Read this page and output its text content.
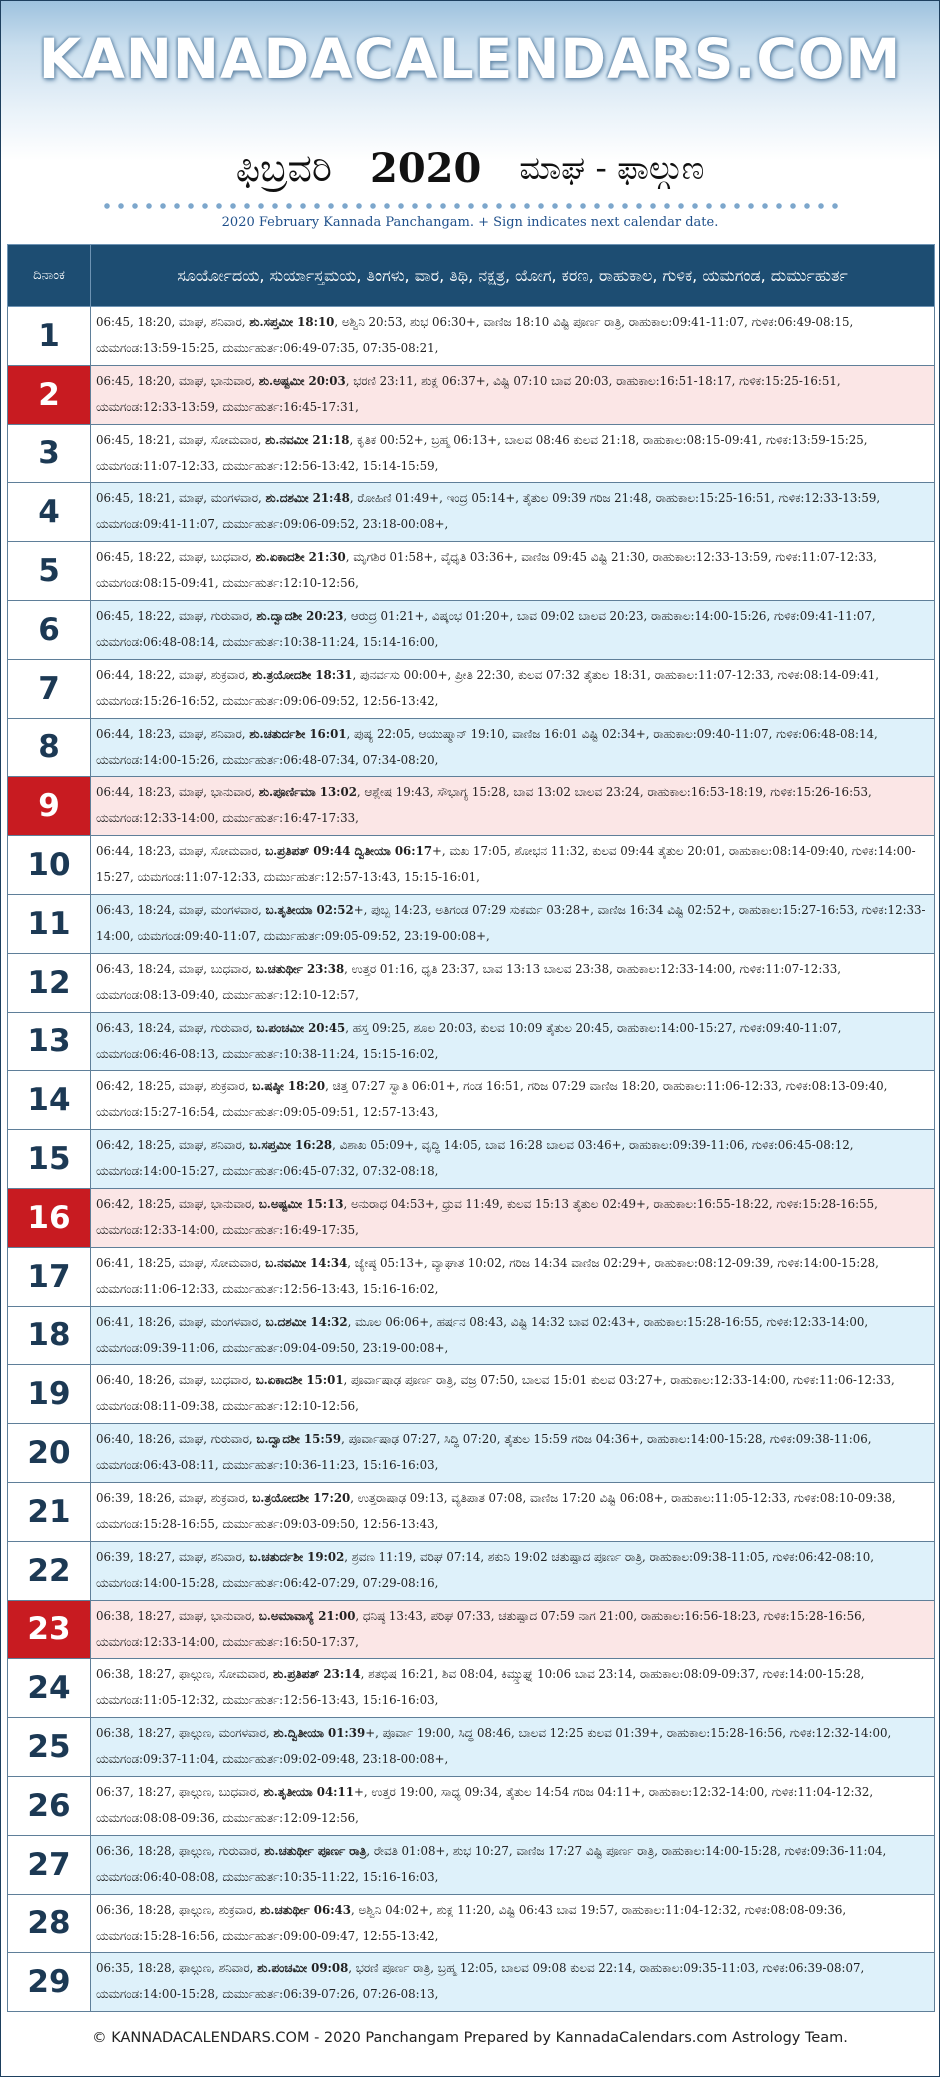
KANNADACALENDARS.COM
ಫಿಬ್ರವರಿ 2020 ಮಾಘ - ಫಾಲ್ಗುಣ
2020 February Kannada Panchangam. + Sign indicates next calendar date.
ದಿನಾಂಕ	ಸೂರ್ಯೋದಯ, ಸುರ್ಯಾಸ್ತಮಯ, ತಿಂಗಳು, ವಾರ, ತಿಥಿ, ನಕ್ಷತ್ರ, ಯೋಗ, ಕರಣ, ರಾಹುಕಾಲ, ಗುಳಿಕ, ಯಮಗಂಡ, ದುರ್ಮುಹುರ್ತ
1	06:45, 18:20, ಮಾಘ, ಶನಿವಾರ, ಶು.ಸಪ್ತಮೀ 18:10, ಅಶ್ವಿನಿ 20:53, ಶುಭ 06:30+, ವಾಣಿಜ 18:10 ವಿಷ್ಟಿ ಪೂರ್ಣ ರಾತ್ರಿ, ರಾಹುಕಾಲ:09:41-11:07, ಗುಳಿಕ:06:49-08:15, ಯಮಗಂಡ:13:59-15:25, ದುರ್ಮುಹುರ್ತ:06:49-07:35, 07:35-08:21,

2	06:45, 18:20, ಮಾಘ, ಭಾನುವಾರ, ಶು.ಅಷ್ಟಮೀ 20:03, ಭರಣಿ 23:11, ಶುಕ್ಲ 06:37+, ವಿಷ್ಟಿ 07:10 ಬಾವ 20:03, ರಾಹುಕಾಲ:16:51-18:17, ಗುಳಿಕ:15:25-16:51, ಯಮಗಂಡ:12:33-13:59, ದುರ್ಮುಹುರ್ತ:16:45-17:31,

3	06:45, 18:21, ಮಾಘ, ಸೋಮವಾರ, ಶು.ನವಮೀ 21:18, ಕೃತಿಕ 00:52+, ಬ್ರಹ್ಮ 06:13+, ಬಾಲವ 08:46 ಕುಲವ 21:18, ರಾಹುಕಾಲ:08:15-09:41, ಗುಳಿಕ:13:59-15:25, ಯಮಗಂಡ:11:07-12:33, ದುರ್ಮುಹುರ್ತ:12:56-13:42, 15:14-15:59,

4	06:45, 18:21, ಮಾಘ, ಮಂಗಳವಾರ, ಶು.ದಶಮೀ 21:48, ರೋಹಿಣಿ 01:49+, ಇಂದ್ರ 05:14+, ತೈತುಲ 09:39 ಗರಿಜ 21:48, ರಾಹುಕಾಲ:15:25-16:51, ಗುಳಿಕ:12:33-13:59, ಯಮಗಂಡ:09:41-11:07, ದುರ್ಮುಹುರ್ತ:09:06-09:52, 23:18-00:08+,

5	06:45, 18:22, ಮಾಘ, ಬುಧವಾರ, ಶು.ಏಕಾದಶೀ 21:30, ಮೃಗಶಿರ 01:58+, ವೈಧೃತಿ 03:36+, ವಾಣಿಜ 09:45 ವಿಷ್ಟಿ 21:30, ರಾಹುಕಾಲ:12:33-13:59, ಗುಳಿಕ:11:07-12:33, ಯಮಗಂಡ:08:15-09:41, ದುರ್ಮುಹುರ್ತ:12:10-12:56,

6	06:45, 18:22, ಮಾಘ, ಗುರುವಾರ, ಶು.ದ್ವಾದಶೀ 20:23, ಆರುದ್ರ 01:21+, ವಿಷ್ಕಂಭ 01:20+, ಬಾವ 09:02 ಬಾಲವ 20:23, ರಾಹುಕಾಲ:14:00-15:26, ಗುಳಿಕ:09:41-11:07, ಯಮಗಂಡ:06:48-08:14, ದುರ್ಮುಹುರ್ತ:10:38-11:24, 15:14-16:00,

7	06:44, 18:22, ಮಾಘ, ಶುಕ್ರವಾರ, ಶು.ತ್ರಯೋದಶೀ 18:31, ಪುನರ್ವಸು 00:00+, ಪ್ರೀತಿ 22:30, ಕುಲವ 07:32 ತೈತುಲ 18:31, ರಾಹುಕಾಲ:11:07-12:33, ಗುಳಿಕ:08:14-09:41, ಯಮಗಂಡ:15:26-16:52, ದುರ್ಮುಹುರ್ತ:09:06-09:52, 12:56-13:42,

8	06:44, 18:23, ಮಾಘ, ಶನಿವಾರ, ಶು.ಚತುರ್ದಶೀ 16:01, ಪುಷ್ಯ 22:05, ಆಯುಷ್ಮಾನ್ 19:10, ವಾಣಿಜ 16:01 ವಿಷ್ಟಿ 02:34+, ರಾಹುಕಾಲ:09:40-11:07, ಗುಳಿಕ:06:48-08:14, ಯಮಗಂಡ:14:00-15:26, ದುರ್ಮುಹುರ್ತ:06:48-07:34, 07:34-08:20,

9	06:44, 18:23, ಮಾಘ, ಭಾನುವಾರ, ಶು.ಪೂರ್ಣಿಮಾ 13:02, ಆಶ್ಲೇಷ 19:43, ಸೌಭಾಗ್ಯ 15:28, ಬಾವ 13:02 ಬಾಲವ 23:24, ರಾಹುಕಾಲ:16:53-18:19, ಗುಳಿಕ:15:26-16:53, ಯಮಗಂಡ:12:33-14:00, ದುರ್ಮುಹುರ್ತ:16:47-17:33,

10	06:44, 18:23, ಮಾಘ, ಸೋಮವಾರ, ಬ.ಪ್ರತಿಪತ್ 09:44 ದ್ವಿತೀಯಾ 06:17+, ಮಖ 17:05, ಶೋಭನ 11:32, ಕುಲವ 09:44 ತೈತುಲ 20:01, ರಾಹುಕಾಲ:08:14-09:40, ಗುಳಿಕ:14:00-15:27, ಯಮಗಂಡ:11:07-12:33, ದುರ್ಮುಹುರ್ತ:12:57-13:43, 15:15-16:01,

11	06:43, 18:24, ಮಾಘ, ಮಂಗಳವಾರ, ಬ.ತೃತೀಯಾ 02:52+, ಪುಬ್ಬ 14:23, ಅತಿಗಂಡ 07:29 ಸುಕರ್ಮ 03:28+, ವಾಣಿಜ 16:34 ವಿಷ್ಟಿ 02:52+, ರಾಹುಕಾಲ:15:27-16:53, ಗುಳಿಕ:12:33-14:00, ಯಮಗಂಡ:09:40-11:07, ದುರ್ಮುಹುರ್ತ:09:05-09:52, 23:19-00:08+,

12	06:43, 18:24, ಮಾಘ, ಬುಧವಾರ, ಬ.ಚತುರ್ಥೀ 23:38, ಉತ್ತರ 01:16, ಧೃತಿ 23:37, ಬಾವ 13:13 ಬಾಲವ 23:38, ರಾಹುಕಾಲ:12:33-14:00, ಗುಳಿಕ:11:07-12:33, ಯಮಗಂಡ:08:13-09:40, ದುರ್ಮುಹುರ್ತ:12:10-12:57,

13	06:43, 18:24, ಮಾಘ, ಗುರುವಾರ, ಬ.ಪಂಚಮೀ 20:45, ಹಸ್ತ 09:25, ಶೂಲ 20:03, ಕುಲವ 10:09 ತೈತುಲ 20:45, ರಾಹುಕಾಲ:14:00-15:27, ಗುಳಿಕ:09:40-11:07, ಯಮಗಂಡ:06:46-08:13, ದುರ್ಮುಹುರ್ತ:10:38-11:24, 15:15-16:02,

14	06:42, 18:25, ಮಾಘ, ಶುಕ್ರವಾರ, ಬ.ಷಷ್ಠೀ 18:20, ಚಿತ್ತ 07:27 ಸ್ವಾತಿ 06:01+, ಗಂಡ 16:51, ಗರಿಜ 07:29 ವಾಣಿಜ 18:20, ರಾಹುಕಾಲ:11:06-12:33, ಗುಳಿಕ:08:13-09:40, ಯಮಗಂಡ:15:27-16:54, ದುರ್ಮುಹುರ್ತ:09:05-09:51, 12:57-13:43,

15	06:42, 18:25, ಮಾಘ, ಶನಿವಾರ, ಬ.ಸಪ್ತಮೀ 16:28, ವಿಶಾಖ 05:09+, ವೃದ್ಧಿ 14:05, ಬಾವ 16:28 ಬಾಲವ 03:46+, ರಾಹುಕಾಲ:09:39-11:06, ಗುಳಿಕ:06:45-08:12, ಯಮಗಂಡ:14:00-15:27, ದುರ್ಮುಹುರ್ತ:06:45-07:32, 07:32-08:18,

16	06:42, 18:25, ಮಾಘ, ಭಾನುವಾರ, ಬ.ಅಷ್ಟಮೀ 15:13, ಅನುರಾಧ 04:53+, ಧ್ರುವ 11:49, ಕುಲವ 15:13 ತೈತುಲ 02:49+, ರಾಹುಕಾಲ:16:55-18:22, ಗುಳಿಕ:15:28-16:55, ಯಮಗಂಡ:12:33-14:00, ದುರ್ಮುಹುರ್ತ:16:49-17:35,

17	06:41, 18:25, ಮಾಘ, ಸೋಮವಾರ, ಬ.ನವಮೀ 14:34, ಜ್ಯೇಷ್ಠ 05:13+, ವ್ಯಾಘಾತ 10:02, ಗರಿಜ 14:34 ವಾಣಿಜ 02:29+, ರಾಹುಕಾಲ:08:12-09:39, ಗುಳಿಕ:14:00-15:28, ಯಮಗಂಡ:11:06-12:33, ದುರ್ಮುಹುರ್ತ:12:56-13:43, 15:16-16:02,

18	06:41, 18:26, ಮಾಘ, ಮಂಗಳವಾರ, ಬ.ದಶಮೀ 14:32, ಮೂಲ 06:06+, ಹರ್ಷನ 08:43, ವಿಷ್ಟಿ 14:32 ಬಾವ 02:43+, ರಾಹುಕಾಲ:15:28-16:55, ಗುಳಿಕ:12:33-14:00, ಯಮಗಂಡ:09:39-11:06, ದುರ್ಮುಹುರ್ತ:09:04-09:50, 23:19-00:08+,

19	06:40, 18:26, ಮಾಘ, ಬುಧವಾರ, ಬ.ಏಕಾದಶೀ 15:01, ಪೂರ್ವಾಷಾಢ ಪೂರ್ಣ ರಾತ್ರಿ, ವಜ್ರ 07:50, ಬಾಲವ 15:01 ಕುಲವ 03:27+, ರಾಹುಕಾಲ:12:33-14:00, ಗುಳಿಕ:11:06-12:33, ಯಮಗಂಡ:08:11-09:38, ದುರ್ಮುಹುರ್ತ:12:10-12:56,

20	06:40, 18:26, ಮಾಘ, ಗುರುವಾರ, ಬ.ದ್ವಾದಶೀ 15:59, ಪೂರ್ವಾಷಾಢ 07:27, ಸಿದ್ಧಿ 07:20, ತೈತುಲ 15:59 ಗರಿಜ 04:36+, ರಾಹುಕಾಲ:14:00-15:28, ಗುಳಿಕ:09:38-11:06, ಯಮಗಂಡ:06:43-08:11, ದುರ್ಮುಹುರ್ತ:10:36-11:23, 15:16-16:03,

21	06:39, 18:26, ಮಾಘ, ಶುಕ್ರವಾರ, ಬ.ತ್ರಯೋದಶೀ 17:20, ಉತ್ತರಾಷಾಢ 09:13, ವ್ಯತಿಪಾತ 07:08, ವಾಣಿಜ 17:20 ವಿಷ್ಟಿ 06:08+, ರಾಹುಕಾಲ:11:05-12:33, ಗುಳಿಕ:08:10-09:38, ಯಮಗಂಡ:15:28-16:55, ದುರ್ಮುಹುರ್ತ:09:03-09:50, 12:56-13:43,

22	06:39, 18:27, ಮಾಘ, ಶನಿವಾರ, ಬ.ಚತುರ್ದಶೀ 19:02, ಶ್ರವಣ 11:19, ವರಿಘ 07:14, ಶಕುನಿ 19:02 ಚತುಷ್ಪಾದ ಪೂರ್ಣ ರಾತ್ರಿ, ರಾಹುಕಾಲ:09:38-11:05, ಗುಳಿಕ:06:42-08:10, ಯಮಗಂಡ:14:00-15:28, ದುರ್ಮುಹುರ್ತ:06:42-07:29, 07:29-08:16,

23	06:38, 18:27, ಮಾಘ, ಭಾನುವಾರ, ಬ.ಅಮಾವಾಸ್ಯೆ 21:00, ಧನಿಷ್ಠ 13:43, ಪರಿಘ 07:33, ಚತುಷ್ಪಾದ 07:59 ನಾಗ 21:00, ರಾಹುಕಾಲ:16:56-18:23, ಗುಳಿಕ:15:28-16:56, ಯಮಗಂಡ:12:33-14:00, ದುರ್ಮುಹುರ್ತ:16:50-17:37,

24	06:38, 18:27, ಫಾಲ್ಗುಣ, ಸೋಮವಾರ, ಶು.ಪ್ರತಿಪತ್ 23:14, ಶತಭಿಷ 16:21, ಶಿವ 08:04, ಕಿಮ್ಸ್ತುಘ್ನ 10:06 ಬಾವ 23:14, ರಾಹುಕಾಲ:08:09-09:37, ಗುಳಿಕ:14:00-15:28, ಯಮಗಂಡ:11:05-12:32, ದುರ್ಮುಹುರ್ತ:12:56-13:43, 15:16-16:03,

25	06:38, 18:27, ಫಾಲ್ಗುಣ, ಮಂಗಳವಾರ, ಶು.ದ್ವಿತೀಯಾ 01:39+, ಪೂರ್ವಾ 19:00, ಸಿದ್ಧ 08:46, ಬಾಲವ 12:25 ಕುಲವ 01:39+, ರಾಹುಕಾಲ:15:28-16:56, ಗುಳಿಕ:12:32-14:00, ಯಮಗಂಡ:09:37-11:04, ದುರ್ಮುಹುರ್ತ:09:02-09:48, 23:18-00:08+,

26	06:37, 18:27, ಫಾಲ್ಗುಣ, ಬುಧವಾರ, ಶು.ತೃತೀಯಾ 04:11+, ಉತ್ತರ 19:00, ಸಾಧ್ಯ 09:34, ತೈತುಲ 14:54 ಗರಿಜ 04:11+, ರಾಹುಕಾಲ:12:32-14:00, ಗುಳಿಕ:11:04-12:32, ಯಮಗಂಡ:08:08-09:36, ದುರ್ಮುಹುರ್ತ:12:09-12:56,

27	06:36, 18:28, ಫಾಲ್ಗುಣ, ಗುರುವಾರ, ಶು.ಚತುರ್ಥೀ ಪೂರ್ಣ ರಾತ್ರಿ, ರೇವತಿ 01:08+, ಶುಭ 10:27, ವಾಣಿಜ 17:27 ವಿಷ್ಟಿ ಪೂರ್ಣ ರಾತ್ರಿ, ರಾಹುಕಾಲ:14:00-15:28, ಗುಳಿಕ:09:36-11:04, ಯಮಗಂಡ:06:40-08:08, ದುರ್ಮುಹುರ್ತ:10:35-11:22, 15:16-16:03,

28	06:36, 18:28, ಫಾಲ್ಗುಣ, ಶುಕ್ರವಾರ, ಶು.ಚತುರ್ಥೀ 06:43, ಅಶ್ವಿನಿ 04:02+, ಶುಕ್ಲ 11:20, ವಿಷ್ಟಿ 06:43 ಬಾವ 19:57, ರಾಹುಕಾಲ:11:04-12:32, ಗುಳಿಕ:08:08-09:36, ಯಮಗಂಡ:15:28-16:56, ದುರ್ಮುಹುರ್ತ:09:00-09:47, 12:55-13:42,

29	06:35, 18:28, ಫಾಲ್ಗುಣ, ಶನಿವಾರ, ಶು.ಪಂಚಮೀ 09:08, ಭರಣಿ ಪೂರ್ಣ ರಾತ್ರಿ, ಬ್ರಹ್ಮ 12:05, ಬಾಲವ 09:08 ಕುಲವ 22:14, ರಾಹುಕಾಲ:09:35-11:03, ಗುಳಿಕ:06:39-08:07, ಯಮಗಂಡ:14:00-15:28, ದುರ್ಮುಹುರ್ತ:06:39-07:26, 07:26-08:13,
© KANNADACALENDARS.COM - 2020 Panchangam Prepared by KannadaCalendars.com Astrology Team.
